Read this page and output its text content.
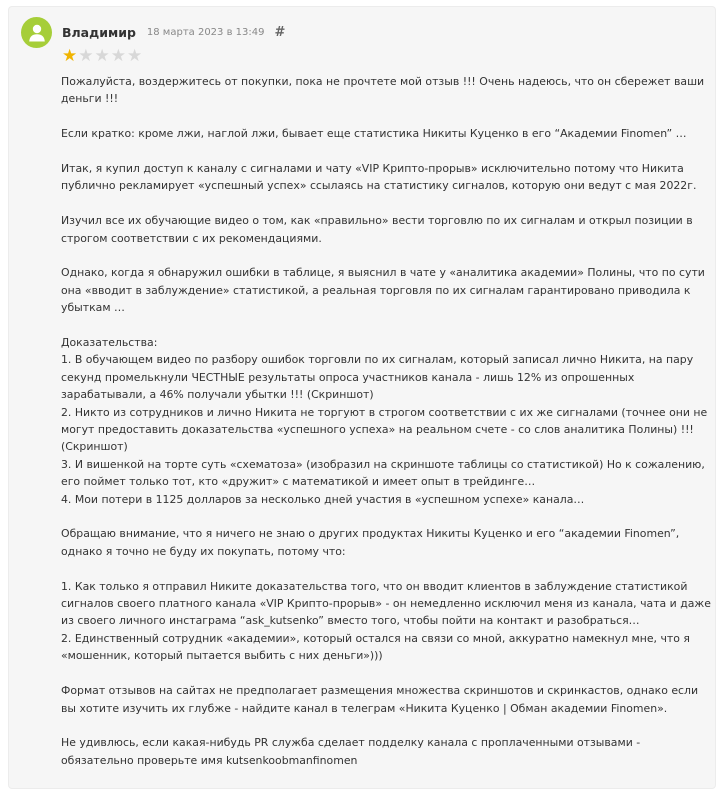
Владимир 18 марта 2023 в 13:49 #
★ ★ ★ ★ ★

Пожалуйста, воздержитесь от покупки, пока не прочтете мой отзыв !!! Очень надеюсь, что он сбережет ваши деньги !!!

Если кратко: кроме лжи, наглой лжи, бывает еще статистика Никиты Куценко в его “Академии Finomen” …

Итак, я купил доступ к каналу с сигналами и чату «VIP Крипто-прорыв» исключительно потому что Никита публично рекламирует «успешный успех» ссылаясь на статистику сигналов, которую они ведут с мая 2022г.

Изучил все их обучающие видео о том, как «правильно» вести торговлю по их сигналам и открыл позиции в строгом соответствии с их рекомендациями.

Однако, когда я обнаружил ошибки в таблице, я выяснил в чате у «аналитика академии» Полины, что по сути она «вводит в заблуждение» статистикой, а реальная торговля по их сигналам гарантировано приводила к убыткам …

Доказательства:
1. В обучающем видео по разбору ошибок торговли по их сигналам, который записал лично Никита, на пару секунд промелькнули ЧЕСТНЫЕ результаты опроса участников канала - лишь 12% из опрошенных зарабатывали, а 46% получали убытки !!! (Скриншот)
2. Никто из сотрудников и лично Никита не торгуют в строгом соответствии с их же сигналами (точнее они не могут предоставить доказательства «успешного успеха» на реальном счете - со слов аналитика Полины) !!! (Скриншот)
3. И вишенкой на торте суть «схематоза» (изобразил на скриншоте таблицы со статистикой) Но к сожалению, его поймет только тот, кто «дружит» с математикой и имеет опыт в трейдинге…
4. Мои потери в 1125 долларов за несколько дней участия в «успешном успехе» канала…

Обращаю внимание, что я ничего не знаю о других продуктах Никиты Куценко и его “академии Finomen”, однако я точно не буду их покупать, потому что:

1. Как только я отправил Никите доказательства того, что он вводит клиентов в заблуждение статистикой сигналов своего платного канала «VIP Крипто-прорыв» - он немедленно исключил меня из канала, чата и даже из своего личного инстаграма “ask_kutsenko” вместо того, чтобы пойти на контакт и разобраться…
2. Единственный сотрудник «академии», который остался на связи со мной, аккуратно намекнул мне, что я «мошенник, который пытается выбить с них деньги»)))

Формат отзывов на сайтах не предполагает размещения множества скриншотов и скринкастов, однако если вы хотите изучить их глубже - найдите канал в телеграм «Никита Куценко | Обман академии Finomen».

Не удивлюсь, если какая-нибудь PR служба сделает подделку канала с проплаченными отзывами - обязательно проверьте имя kutsenkoobmanfinomen
